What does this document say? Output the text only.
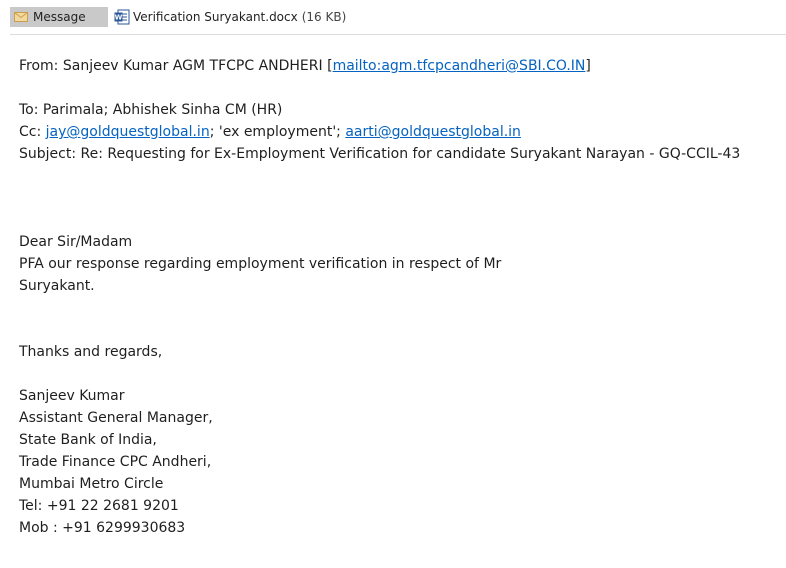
Message	W Verification Suryakant.docx (16 KB)
From: Sanjeev Kumar AGM TFCPC ANDHERI [mailto:agm.tfcpcandheri@SBI.CO.IN]
To: Parimala; Abhishek Sinha CM (HR)
Cc: jay@goldquestglobal.in; 'ex employment'; aarti@goldquestglobal.in
Subject: Re: Requesting for Ex-Employment Verification for candidate Suryakant Narayan - GQ-CCIL-43
Dear Sir/Madam
PFA our response regarding employment verification in respect of Mr
Suryakant.
Thanks and regards,
Sanjeev Kumar
Assistant General Manager,
State Bank of India,
Trade Finance CPC Andheri,
Mumbai Metro Circle
Tel: +91 22 2681 9201
Mob : +91 6299930683
